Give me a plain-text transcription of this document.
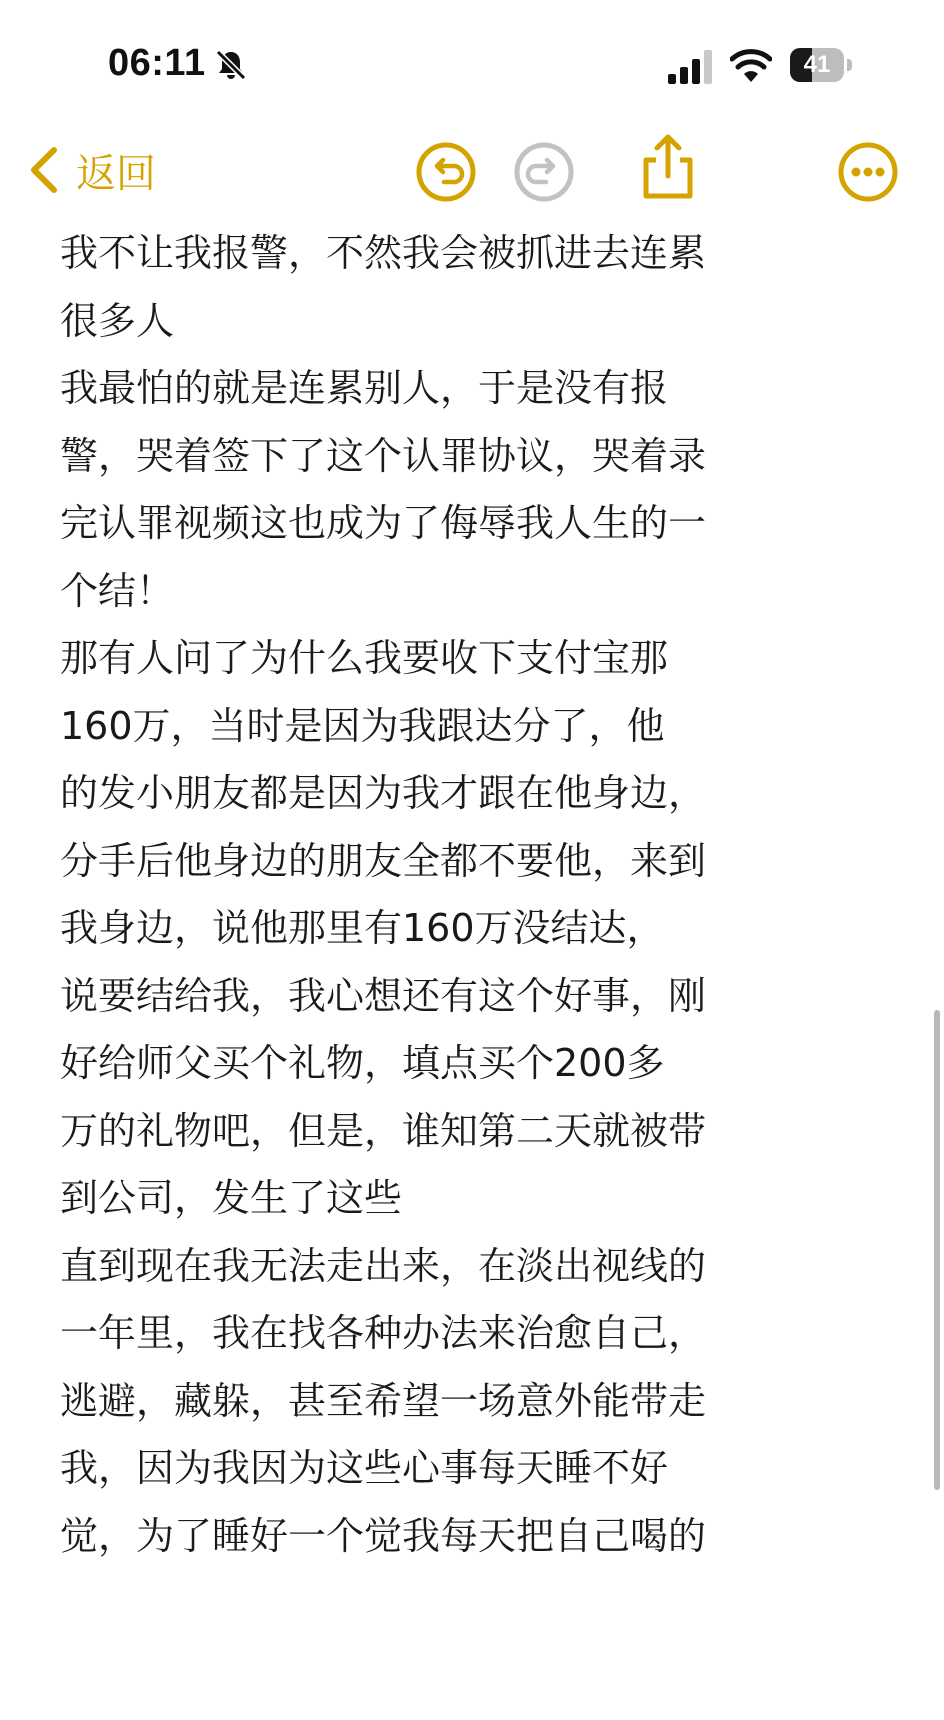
06:11	41
我不让我报警，不然我会被抓进去连累
很多人
我最怕的就是连累别人，于是没有报
警，哭着签下了这个认罪协议，哭着录
完认罪视频这也成为了侮辱我人生的一
个结！
那有人问了为什么我要收下支付宝那
160万，当时是因为我跟达分了，他
的发小朋友都是因为我才跟在他身边，
分手后他身边的朋友全都不要他，来到
我身边，说他那里有160万没结达，
说要结给我，我心想还有这个好事，刚
好给师父买个礼物，填点买个200多
万的礼物吧，但是，谁知第二天就被带
到公司，发生了这些
直到现在我无法走出来，在淡出视线的
一年里，我在找各种办法来治愈自己，
逃避，藏躲，甚至希望一场意外能带走
我，因为我因为这些心事每天睡不好
觉，为了睡好一个觉我每天把自己喝的
返回
